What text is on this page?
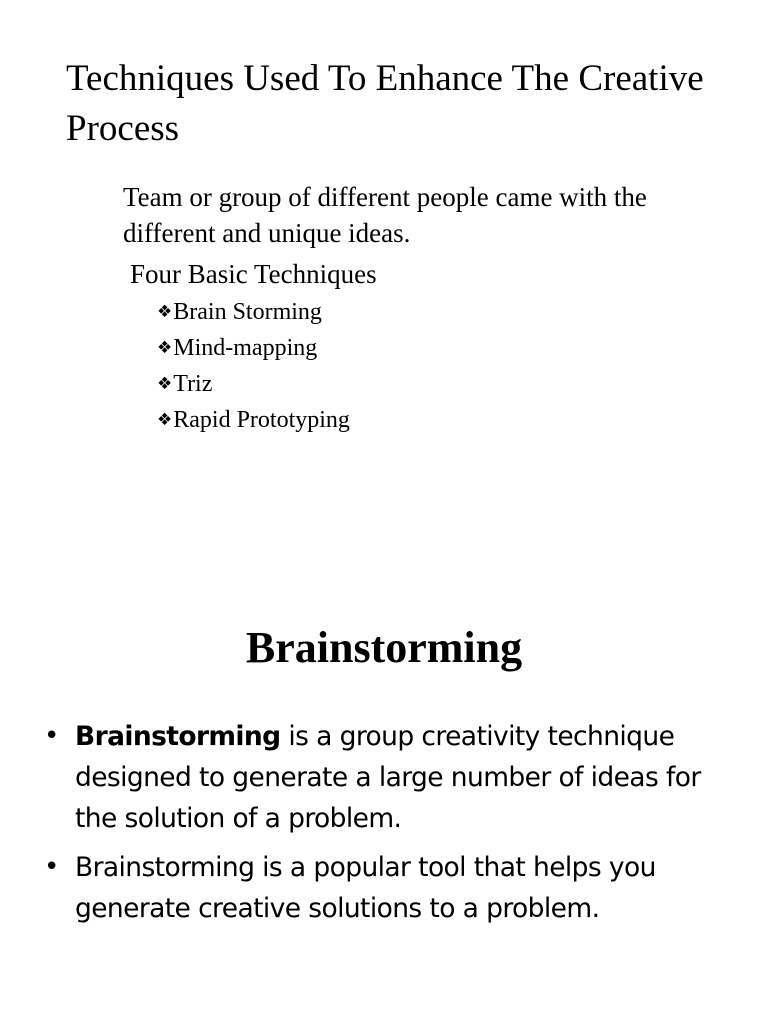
Techniques Used To Enhance The Creative Process

Team or group of different people came with the different and unique ideas.

Four Basic Techniques

❖ Brain Storming
❖ Mind-mapping
❖ Triz
❖ Rapid Prototyping
Brainstorming
• Brainstorming is a group creativity technique designed to generate a large number of ideas for the solution of a problem.
• Brainstorming is a popular tool that helps you generate creative solutions to a problem.
